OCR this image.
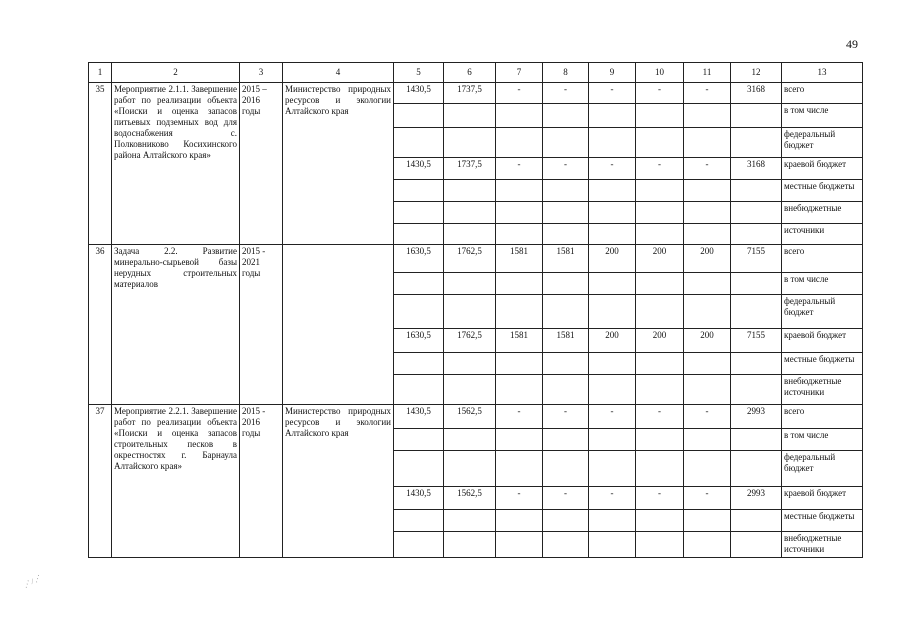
49
1	2	3	4	5	6	7	8	9	10	11	12	13
35	Мероприятие 2.1.1. Завершение работ по реализации объекта «Поиски и оценка запасов питьевых подземных вод для водоснабжения с. Полковниково Косихинского района Алтайского края»	2015 – 2016 годы	Министерство природных ресурсов и экологии Алтайского края	1430,5	1737,5	-	-	-	-	-	3168	всего
												в том числе
												федеральный бюджет
				1430,5	1737,5	-	-	-	-	-	3168	краевой бюджет
												местные бюджеты
												внебюджетные
												источники
36	Задача 2.2. Развитие минерально-сырьевой базы нерудных строительных материалов	2015 - 2021 годы		1630,5	1762,5	1581	1581	200	200	200	7155	всего
												в том числе
												федеральный бюджет
				1630,5	1762,5	1581	1581	200	200	200	7155	краевой бюджет
												местные бюджеты
												внебюджетные источники
37	Мероприятие 2.2.1. Завершение работ по реализации объекта «Поиски и оценка запасов строительных песков в окрестностях г. Барнаула Алтайского края»	2015 - 2016 годы	Министерство природных ресурсов и экологии Алтайского края	1430,5	1562,5	-	-	-	-	-	2993	всего
												в том числе
												федеральный бюджет
				1430,5	1562,5	-	-	-	-	-	2993	краевой бюджет
												местные бюджеты
												внебюджетные источники
⋰ ⁄ ⋰
